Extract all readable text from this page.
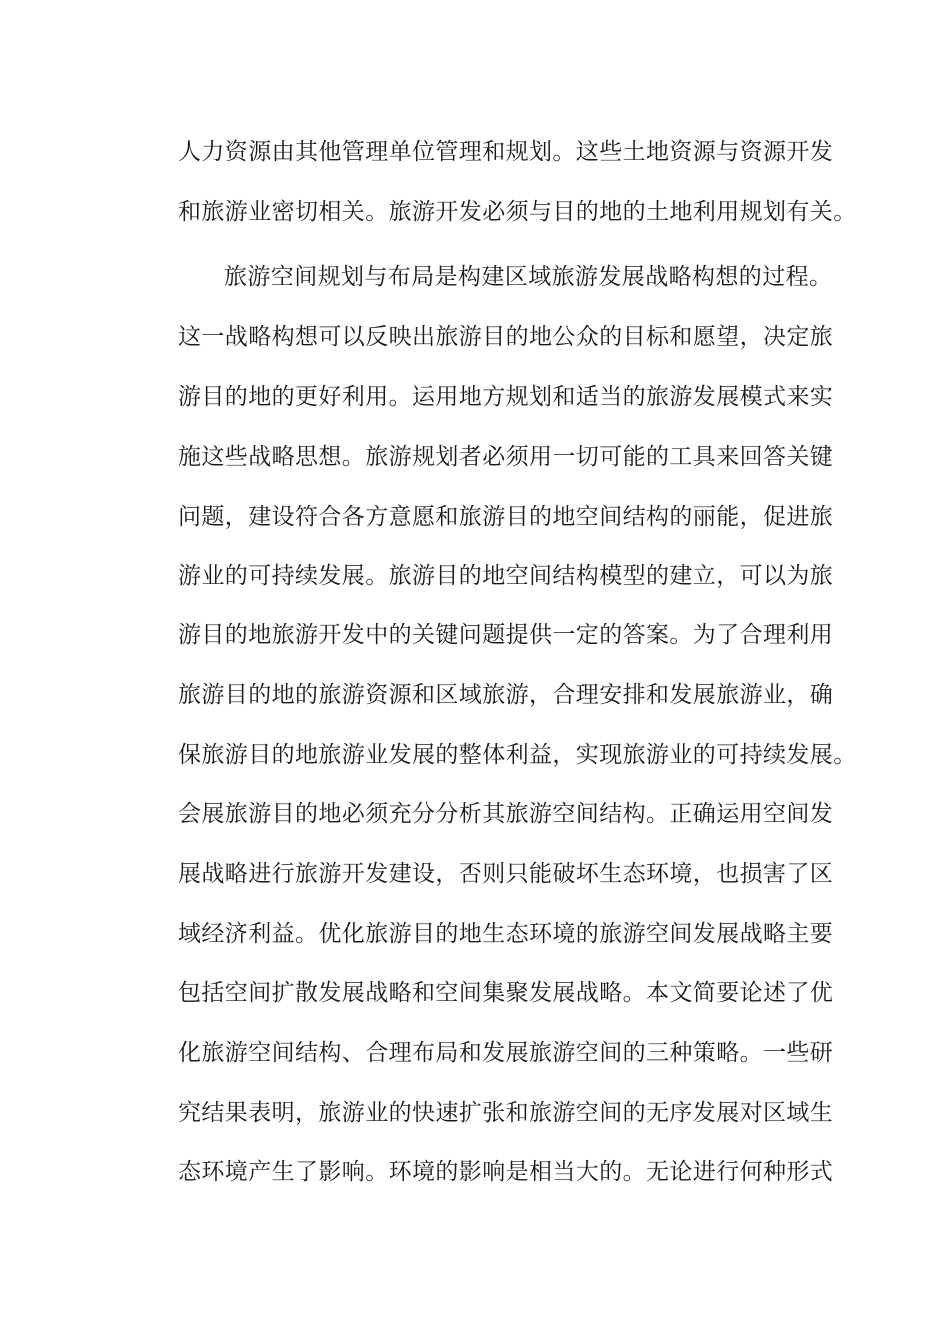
人力资源由其他管理单位管理和规划。这些土地资源与资源开发
和旅游业密切相关。旅游开发必须与目的地的土地利用规划有关。
旅游空间规划与布局是构建区域旅游发展战略构想的过程。
这一战略构想可以反映出旅游目的地公众的目标和愿望，决定旅
游目的地的更好利用。运用地方规划和适当的旅游发展模式来实
施这些战略思想。旅游规划者必须用一切可能的工具来回答关键
问题，建设符合各方意愿和旅游目的地空间结构的丽能，促进旅
游业的可持续发展。旅游目的地空间结构模型的建立，可以为旅
游目的地旅游开发中的关键问题提供一定的答案。为了合理利用
旅游目的地的旅游资源和区域旅游，合理安排和发展旅游业，确
保旅游目的地旅游业发展的整体利益，实现旅游业的可持续发展。
会展旅游目的地必须充分分析其旅游空间结构。正确运用空间发
展战略进行旅游开发建设，否则只能破坏生态环境，也损害了区
域经济利益。优化旅游目的地生态环境的旅游空间发展战略主要
包括空间扩散发展战略和空间集聚发展战略。本文简要论述了优
化旅游空间结构、合理布局和发展旅游空间的三种策略。一些研
究结果表明，旅游业的快速扩张和旅游空间的无序发展对区域生
态环境产生了影响。环境的影响是相当大的。无论进行何种形式
